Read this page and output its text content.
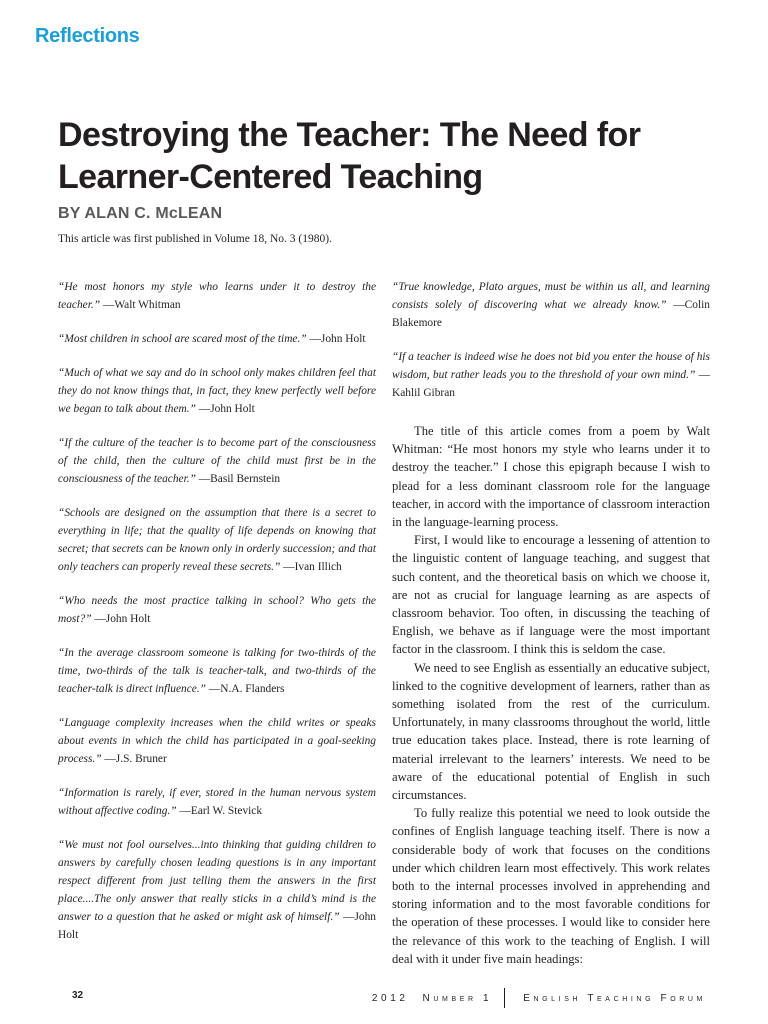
Reflections
Destroying the Teacher: The Need for Learner-Centered Teaching

BY ALAN C. McLEAN

This article was first published in Volume 18, No. 3 (1980).

“He most honors my style who learns under it to destroy the teacher.” —Walt Whitman

“Most children in school are scared most of the time.” —John Holt

“Much of what we say and do in school only makes children feel that they do not know things that, in fact, they knew perfectly well before we began to talk about them.” —John Holt

“If the culture of the teacher is to become part of the consciousness of the child, then the culture of the child must first be in the consciousness of the teacher.” —Basil Bernstein

“Schools are designed on the assumption that there is a secret to everything in life; that the quality of life depends on knowing that secret; that secrets can be known only in orderly succession; and that only teachers can properly reveal these secrets.” —Ivan Illich

“Who needs the most practice talking in school? Who gets the most?” —John Holt

“In the average classroom someone is talking for two-thirds of the time, two-thirds of the talk is teacher-talk, and two-thirds of the teacher-talk is direct influence.” —N.A. Flanders

“Language complexity increases when the child writes or speaks about events in which the child has participated in a goal-seeking process.” —J.S. Bruner

“Information is rarely, if ever, stored in the human nervous system without affective coding.” —Earl W. Stevick

“We must not fool ourselves...into thinking that guiding children to answers by carefully chosen leading questions is in any important respect different from just telling them the answers in the first place....The only answer that really sticks in a child’s mind is the answer to a question that he asked or might ask of himself.” —John Holt

“True knowledge, Plato argues, must be within us all, and learning consists solely of discovering what we already know.” —Colin Blakemore

“If a teacher is indeed wise he does not bid you enter the house of his wisdom, but rather leads you to the threshold of your own mind.” —Kahlil Gibran

The title of this article comes from a poem by Walt Whitman: “He most honors my style who learns under it to destroy the teacher.” I chose this epigraph because I wish to plead for a less dominant classroom role for the language teacher, in accord with the importance of classroom interaction in the language-learning process.

First, I would like to encourage a lessening of attention to the linguistic content of language teaching, and suggest that such content, and the theoretical basis on which we choose it, are not as crucial for language learning as are aspects of classroom behavior. Too often, in discussing the teaching of English, we behave as if language were the most important factor in the classroom. I think this is seldom the case.

We need to see English as essentially an educative subject, linked to the cognitive development of learners, rather than as something isolated from the rest of the curriculum. Unfortunately, in many classrooms throughout the world, little true education takes place. Instead, there is rote learning of material irrelevant to the learners’ interests. We need to be aware of the educational potential of English in such circumstances.

To fully realize this potential we need to look outside the confines of English language teaching itself. There is now a considerable body of work that focuses on the conditions under which children learn most effectively. This work relates both to the internal processes involved in apprehending and storing information and to the most favorable conditions for the operation of these processes. I would like to consider here the relevance of this work to the teaching of English. I will deal with it under five main headings:

32	2012 Number 1	English Teaching Forum
